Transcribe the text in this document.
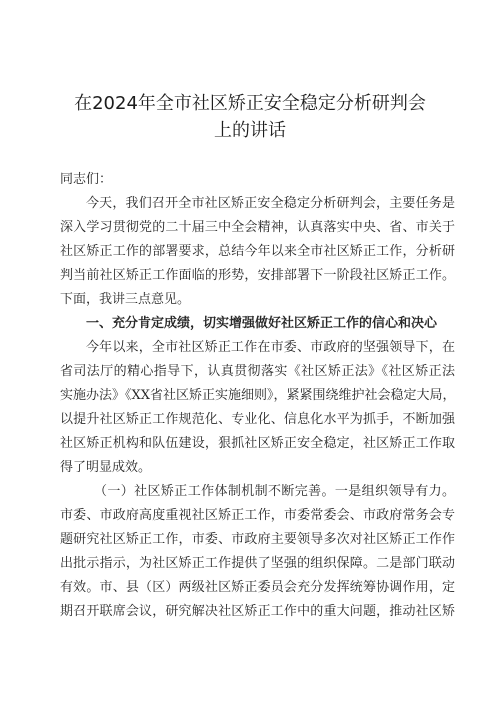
在2024年全市社区矫正安全稳定分析研判会
上的讲话
同志们：
今天，我们召开全市社区矫正安全稳定分析研判会，主要任务是
深入学习贯彻党的二十届三中全会精神，认真落实中央、省、市关于
社区矫正工作的部署要求，总结今年以来全市社区矫正工作，分析研
判当前社区矫正工作面临的形势，安排部署下一阶段社区矫正工作。
下面，我讲三点意见。
一、充分肯定成绩，切实增强做好社区矫正工作的信心和决心
今年以来，全市社区矫正工作在市委、市政府的坚强领导下，在
省司法厅的精心指导下，认真贯彻落实《社区矫正法》《社区矫正法
实施办法》《XX省社区矫正实施细则》，紧紧围绕维护社会稳定大局，
以提升社区矫正工作规范化、专业化、信息化水平为抓手，不断加强
社区矫正机构和队伍建设，狠抓社区矫正安全稳定，社区矫正工作取
得了明显成效。
（一）社区矫正工作体制机制不断完善。一是组织领导有力。
市委、市政府高度重视社区矫正工作，市委常委会、市政府常务会专
题研究社区矫正工作，市委、市政府主要领导多次对社区矫正工作作
出批示指示，为社区矫正工作提供了坚强的组织保障。二是部门联动
有效。市、县（区）两级社区矫正委员会充分发挥统筹协调作用，定
期召开联席会议，研究解决社区矫正工作中的重大问题，推动社区矫
